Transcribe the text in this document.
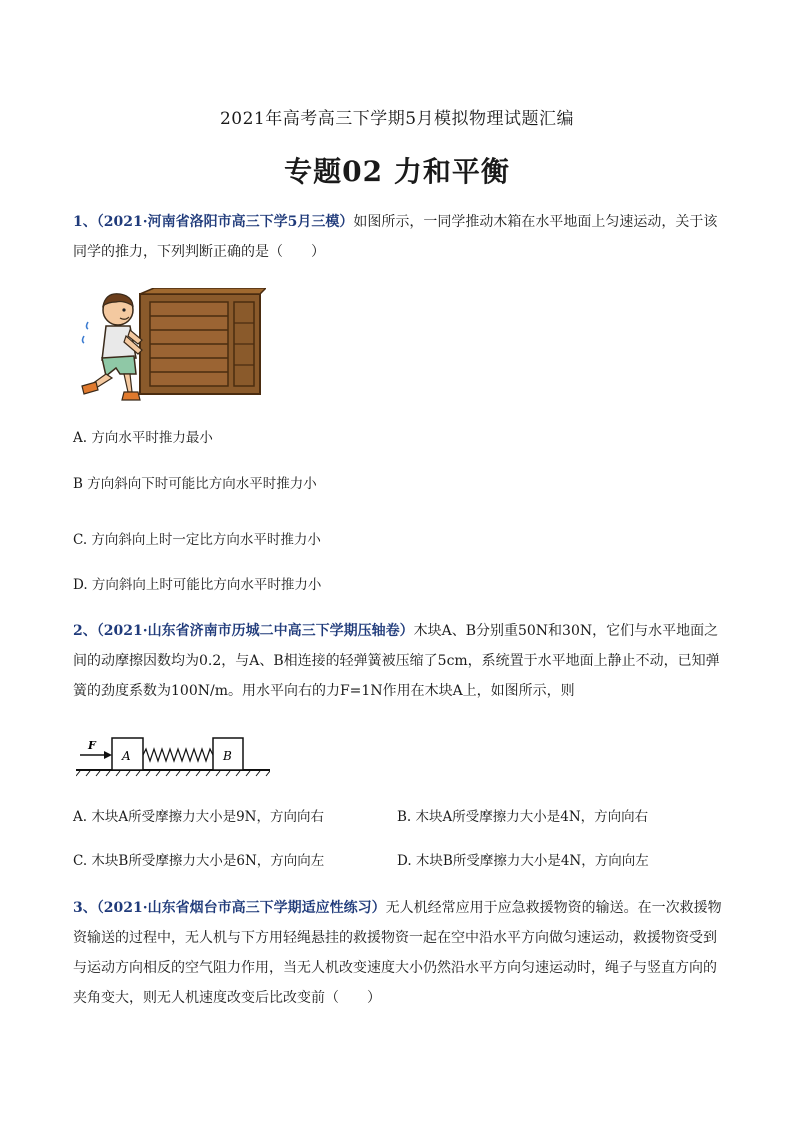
2021年高考高三下学期5月模拟物理试题汇编
专题02 力和平衡
1、（2021·河南省洛阳市高三下学5月三模）如图所示，一同学推动木箱在水平地面上匀速运动，关于该同学的推力，下列判断正确的是（　　）
A. 方向水平时推力最小
B 方向斜向下时可能比方向水平时推力小
C. 方向斜向上时一定比方向水平时推力小
D. 方向斜向上时可能比方向水平时推力小
2、（2021·山东省济南市历城二中高三下学期压轴卷）木块A、B分别重50N和30N，它们与水平地面之间的动摩擦因数均为0.2，与A、B相连接的轻弹簧被压缩了5cm，系统置于水平地面上静止不动，已知弹簧的劲度系数为100N/m。用水平向右的力F=1N作用在木块A上，如图所示，则
F
A	B
A. 木块A所受摩擦力大小是9N，方向向右	B. 木块A所受摩擦力大小是4N，方向向右
C. 木块B所受摩擦力大小是6N，方向向左	D. 木块B所受摩擦力大小是4N，方向向左
3、（2021·山东省烟台市高三下学期适应性练习）无人机经常应用于应急救援物资的输送。在一次救援物资输送的过程中，无人机与下方用轻绳悬挂的救援物资一起在空中沿水平方向做匀速运动，救援物资受到与运动方向相反的空气阻力作用，当无人机改变速度大小仍然沿水平方向匀速运动时，绳子与竖直方向的夹角变大，则无人机速度改变后比改变前（　　）
